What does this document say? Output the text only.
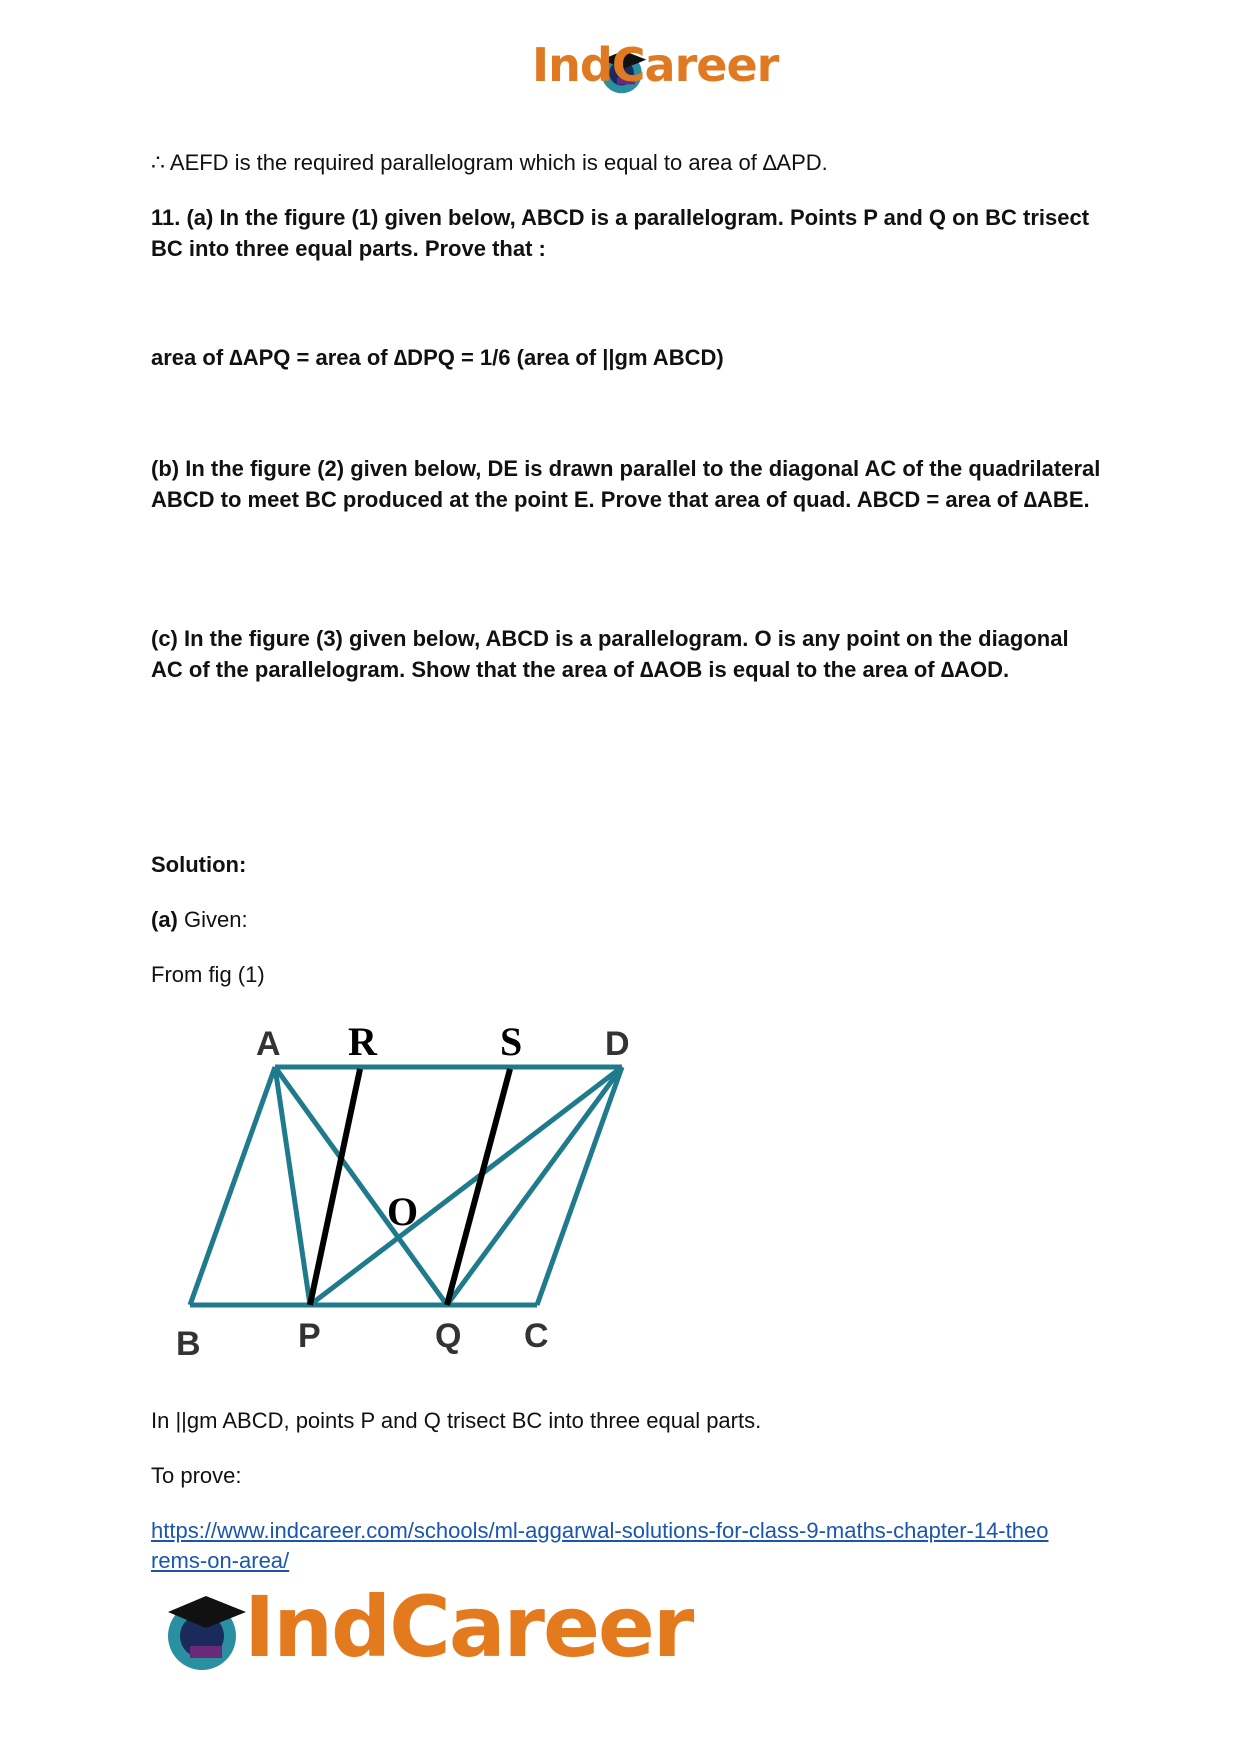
IndCareer
∴ AEFD is the required parallelogram which is equal to area of ∆APD.
11. (a) In the figure (1) given below, ABCD is a parallelogram. Points P and Q on BC trisect BC into three equal parts. Prove that :
area of ∆APQ = area of ∆DPQ = 1/6 (area of ||gm ABCD)
(b) In the figure (2) given below, DE is drawn parallel to the diagonal AC of the quadrilateral ABCD to meet BC produced at the point E. Prove that area of quad. ABCD = area of ∆ABE.
(c) In the figure (3) given below, ABCD is a parallelogram. O is any point on the diagonal AC of the parallelogram. Show that the area of ∆AOB is equal to the area of ∆AOD.
Solution:
(a) Given:
From fig (1)
A	D
B	P	Q C
R	S
O
In ||gm ABCD, points P and Q trisect BC into three equal parts.
To prove:
https://www.indcareer.com/schools/ml-aggarwal-solutions-for-class-9-maths-chapter-14-theo
rems-on-area/
IndCareer
